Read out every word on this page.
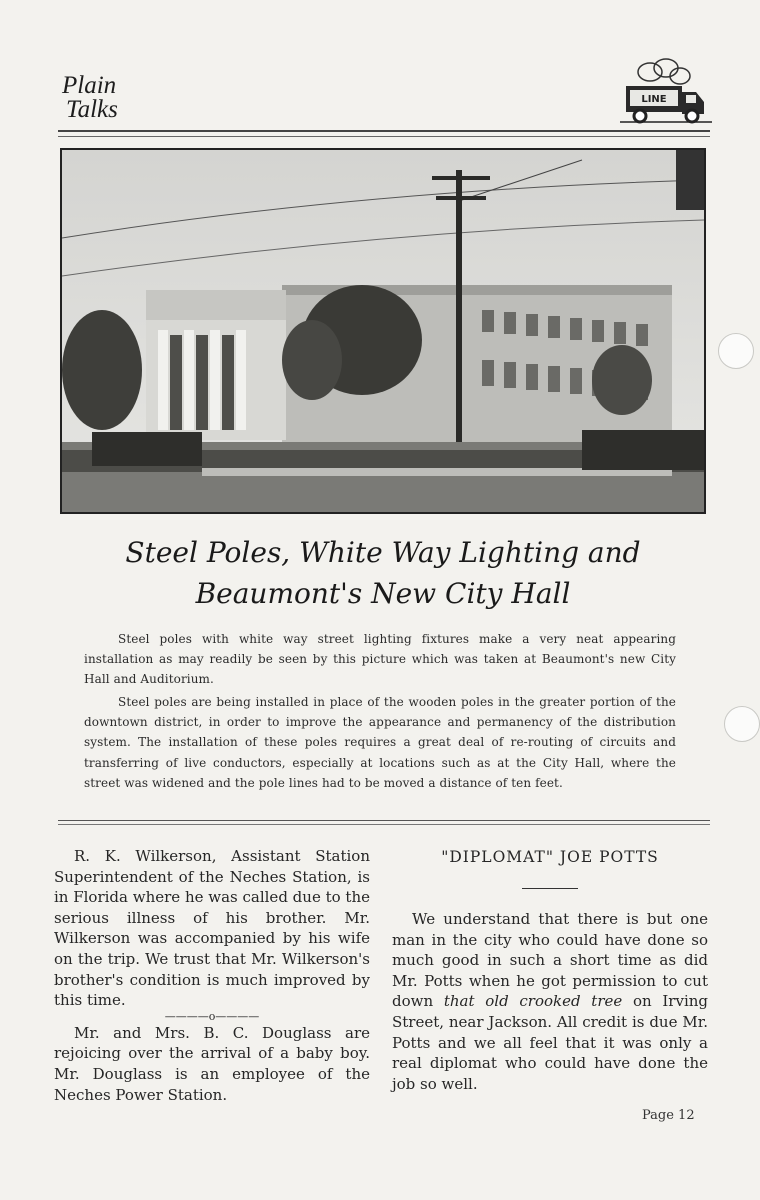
Plain
Talks	LINE
Steel Poles, White Way Lighting and
Beaumont's New City Hall
Steel poles with white way street lighting fixtures make a very neat appearing installation as may readily be seen by this picture which was taken at Beaumont's new City Hall and Auditorium.
Steel poles are being installed in place of the wooden poles in the greater portion of the downtown district, in order to improve the appearance and permanency of the distribution system. The installation of these poles requires a great deal of re-routing of circuits and transferring of live conductors, especially at locations such as at the City Hall, where the street was widened and the pole lines had to be moved a distance of ten feet.

R. K. Wilkerson, Assistant Station Superintendent of the Neches Station, is in Florida where he was called due to the serious illness of his brother. Mr. Wilkerson was accompanied by his wife on the trip. We trust that Mr. Wilkerson's brother's condition is much improved by this time.

————o————

Mr. and Mrs. B. C. Douglass are rejoicing over the arrival of a baby boy. Mr. Douglass is an employee of the Neches Power Station.

"DIPLOMAT" JOE POTTS

We understand that there is but one man in the city who could have done so much good in such a short time as did Mr. Potts when he got permission to cut down that old crooked tree on Irving Street, near Jackson. All credit is due Mr. Potts and we all feel that it was only a real diplomat who could have done the job so well.

Page 12
